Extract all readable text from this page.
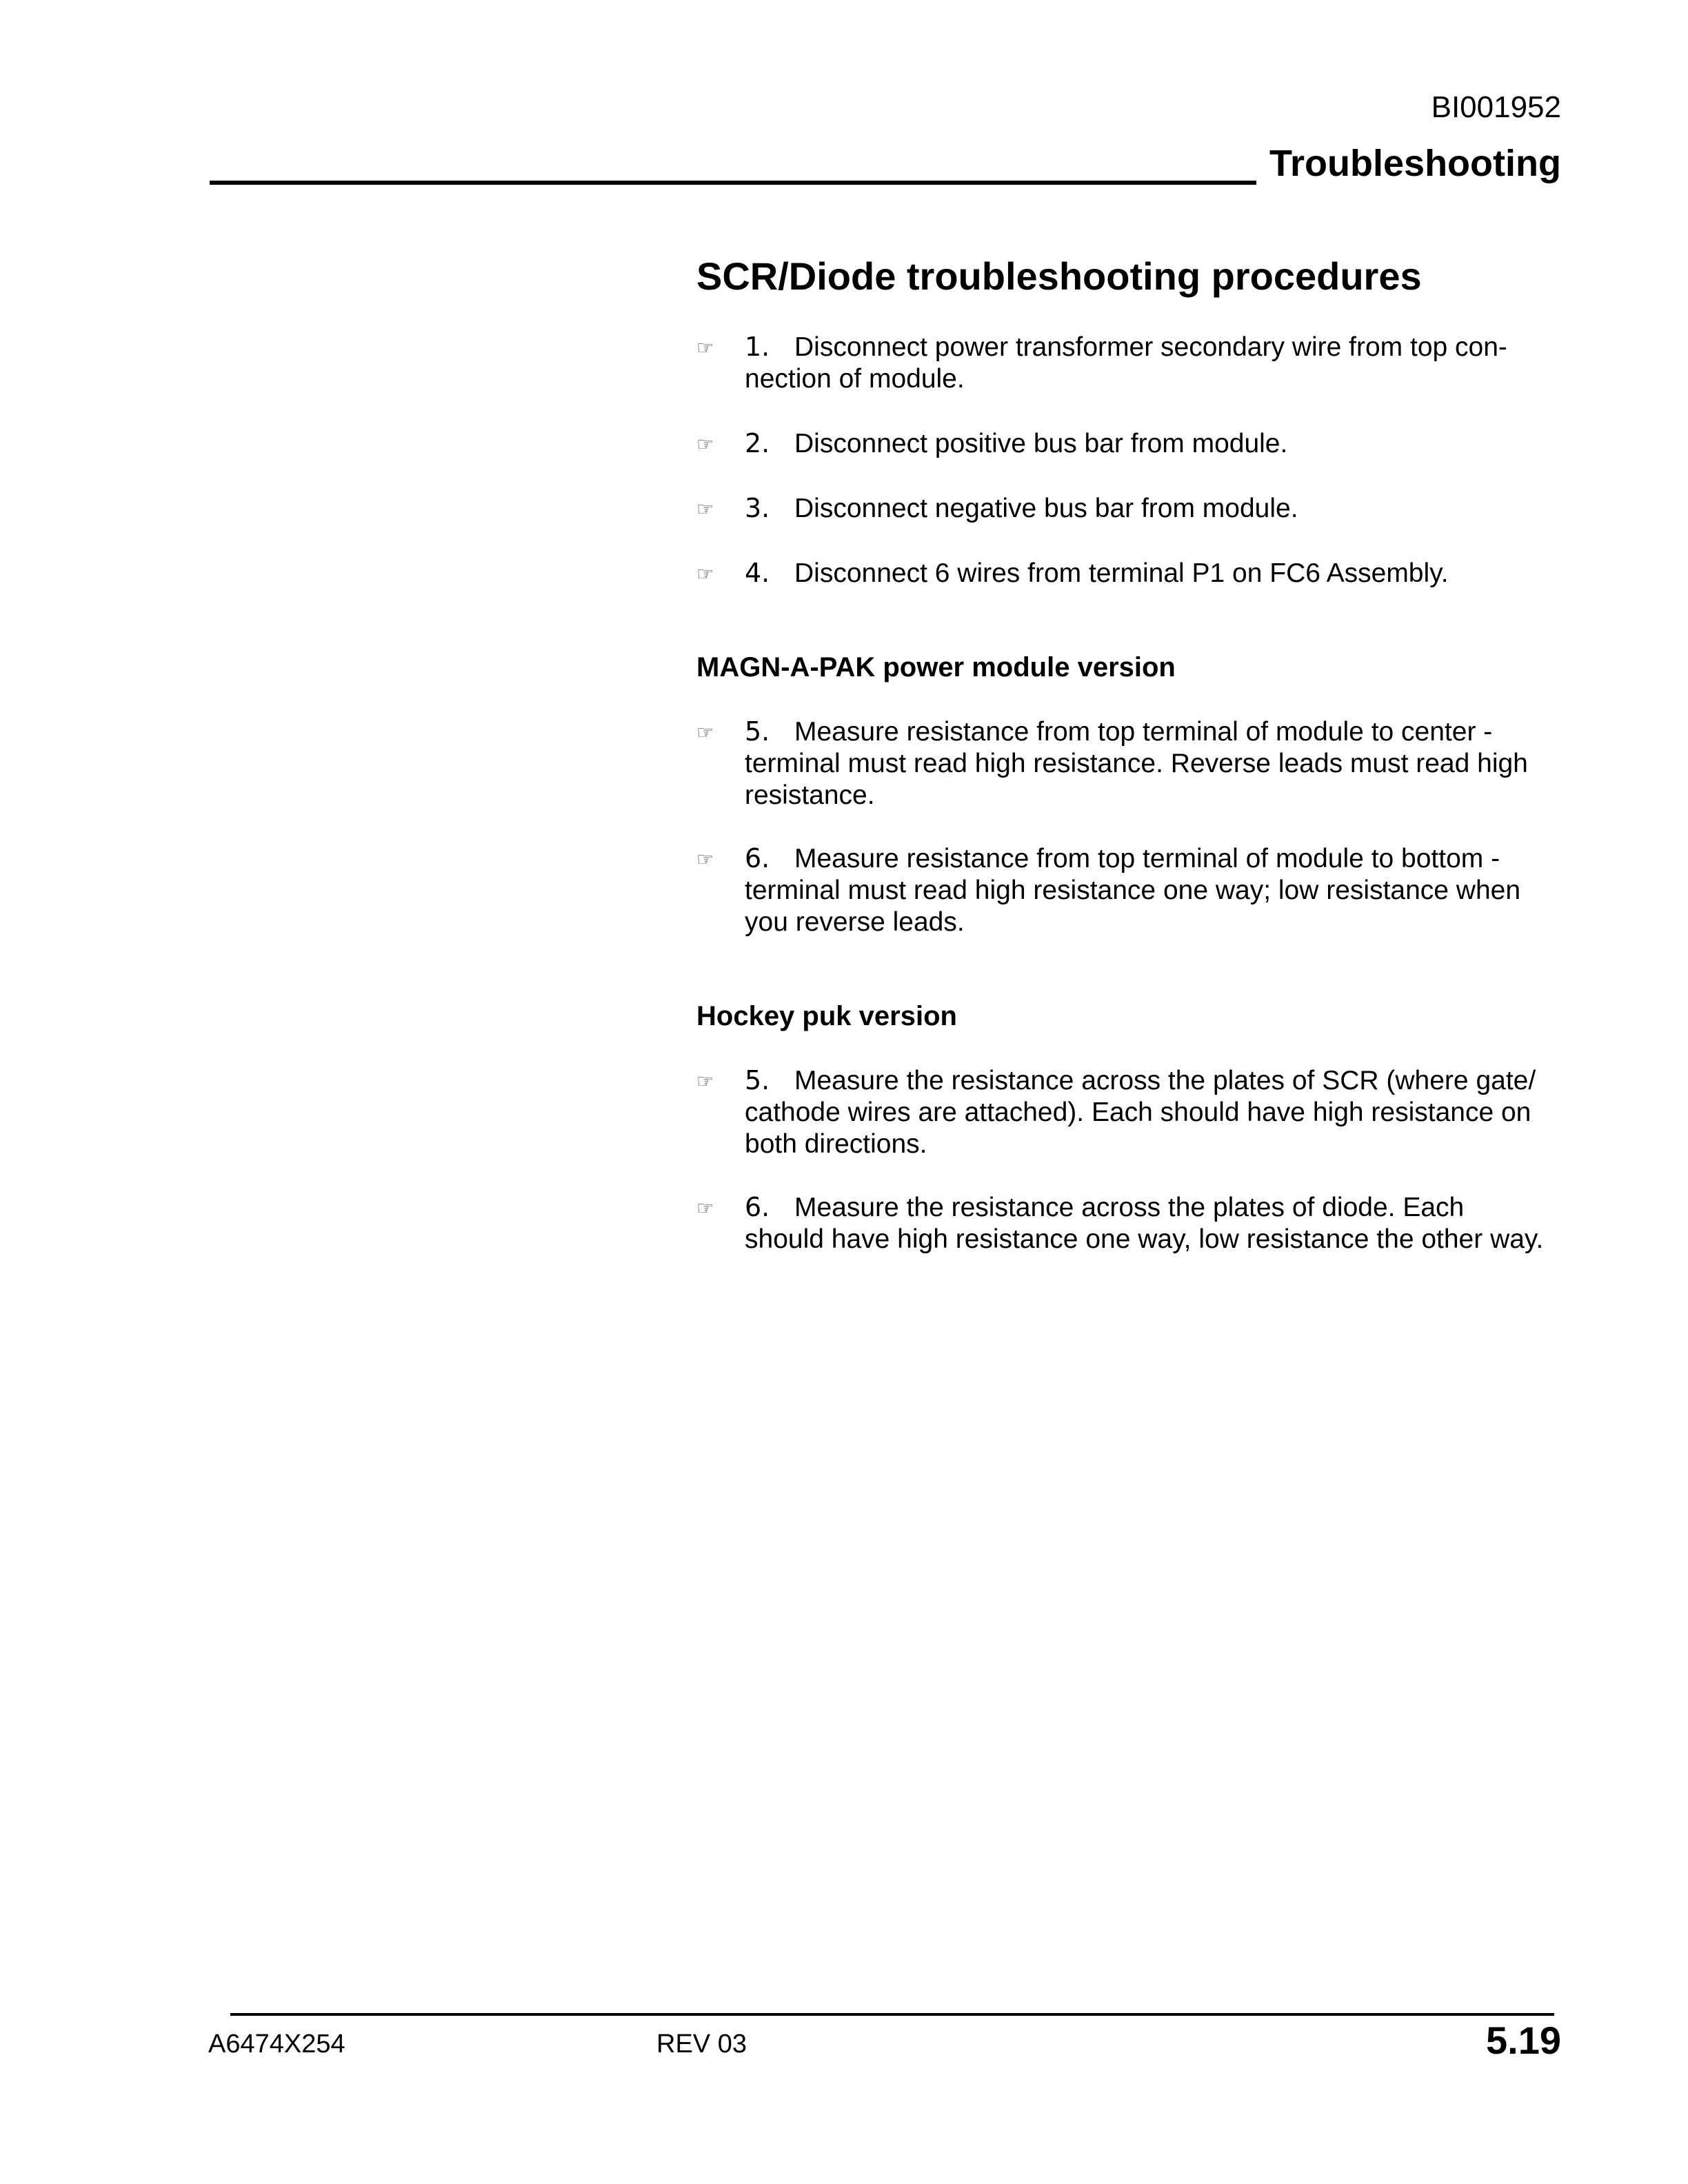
BI001952
Troubleshooting
SCR/Diode troubleshooting procedures
☞ 1. Disconnect power transformer secondary wire from top con-
nection of module.
☞ 2. Disconnect positive bus bar from module.
☞ 3. Disconnect negative bus bar from module.
☞ 4. Disconnect 6 wires from terminal P1 on FC6 Assembly.
MAGN-A-PAK power module version
☞ 5. Measure resistance from top terminal of module to center -
terminal must read high resistance. Reverse leads must read high
resistance.
☞ 6. Measure resistance from top terminal of module to bottom -
terminal must read high resistance one way; low resistance when
you reverse leads.
Hockey puk version
☞ 5. Measure the resistance across the plates of SCR (where gate/
cathode wires are attached). Each should have high resistance on
both directions.
☞ 6. Measure the resistance across the plates of diode. Each
should have high resistance one way, low resistance the other way.
A6474X254	REV 03	5.19
